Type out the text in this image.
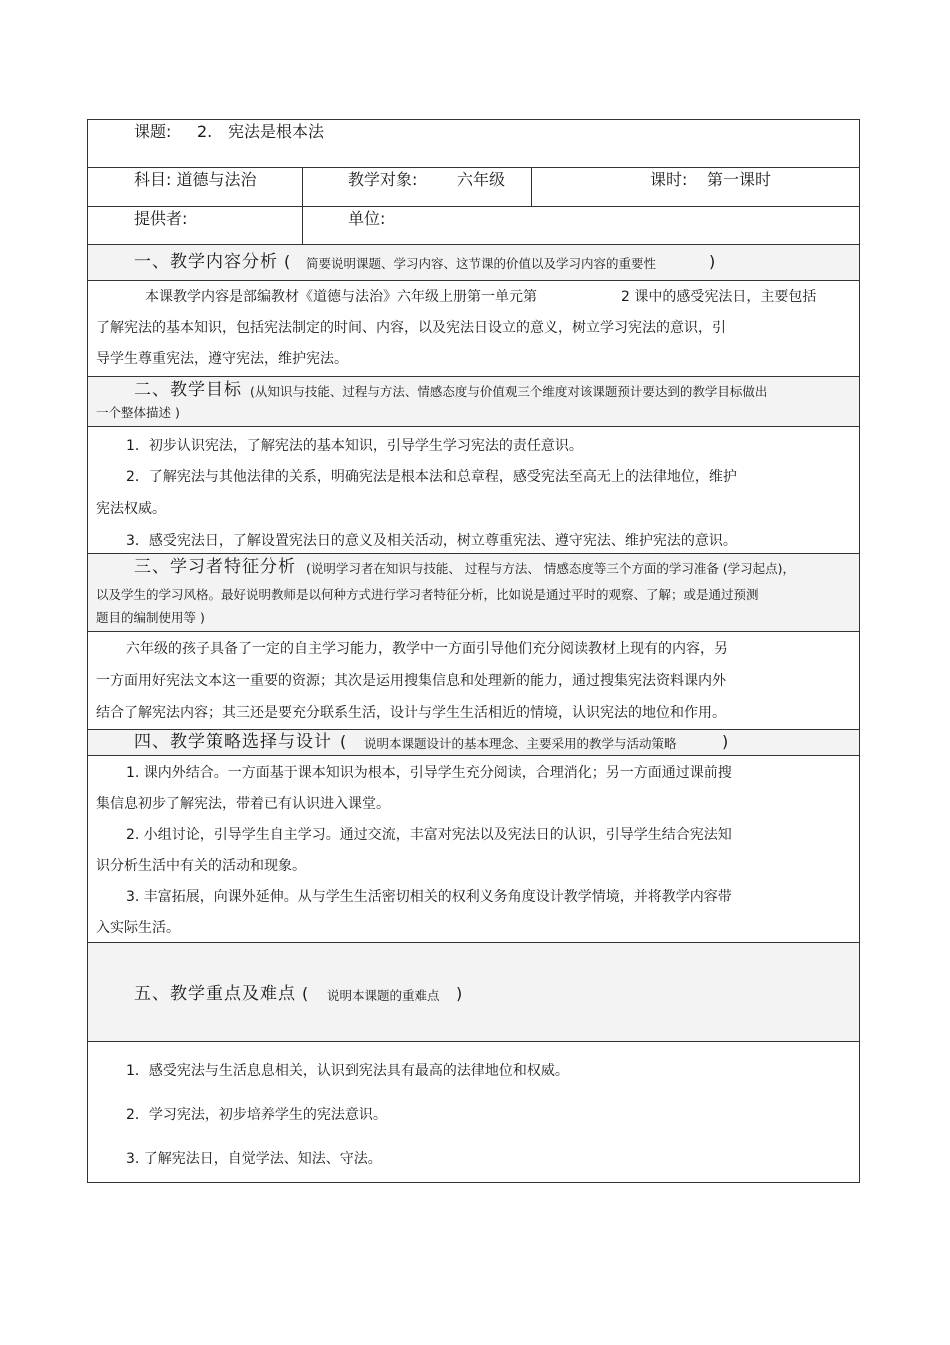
课题: 2. 宪法是根本法
科目: 道德与法治	教学对象: 六年级	课时: 第一课时
提供者:	单位:
一、教学内容分析 ( 简要说明课题、学习内容、这节课的价值以及学习内容的重要性	)
本课教学内容是部编教材《道德与法治》六年级上册第一单元第	2 课中的感受宪法日，主要包括
了解宪法的基本知识，包括宪法制定的时间、内容，以及宪法日设立的意义，树立学习宪法的意识，引
导学生尊重宪法，遵守宪法，维护宪法。
二、教学目标 (从知识与技能、过程与方法、情感态度与价值观三个维度对该课题预计要达到的教学目标做出
一个整体描述 )
1．初步认识宪法，了解宪法的基本知识，引导学生学习宪法的责任意识。
2．了解宪法与其他法律的关系，明确宪法是根本法和总章程，感受宪法至高无上的法律地位，维护
宪法权威。
3．感受宪法日，了解设置宪法日的意义及相关活动，树立尊重宪法、遵守宪法、维护宪法的意识。
三、学习者特征分析 (说明学习者在知识与技能、 过程与方法、 情感态度等三个方面的学习准备 (学习起点)，
以及学生的学习风格。最好说明教师是以何种方式进行学习者特征分析，比如说是通过平时的观察、了解；或是通过预测
题目的编制使用等 )
六年级的孩子具备了一定的自主学习能力，教学中一方面引导他们充分阅读教材上现有的内容，另
一方面用好宪法文本这一重要的资源；其次是运用搜集信息和处理新的能力，通过搜集宪法资料课内外
结合了解宪法内容；其三还是要充分联系生活，设计与学生生活相近的情境，认识宪法的地位和作用。
四、教学策略选择与设计 ( 说明本课题设计的基本理念、主要采用的教学与活动策略	)
1. 课内外结合。一方面基于课本知识为根本，引导学生充分阅读，合理消化；另一方面通过课前搜
集信息初步了解宪法，带着已有认识进入课堂。
2. 小组讨论，引导学生自主学习。通过交流，丰富对宪法以及宪法日的认识，引导学生结合宪法知
识分析生活中有关的活动和现象。
3. 丰富拓展，向课外延伸。从与学生生活密切相关的权利义务角度设计教学情境，并将教学内容带
入实际生活。
五、教学重点及难点 ( 说明本课题的重难点 )
1．感受宪法与生活息息相关，认识到宪法具有最高的法律地位和权威。
2．学习宪法，初步培养学生的宪法意识。
3. 了解宪法日，自觉学法、知法、守法。
